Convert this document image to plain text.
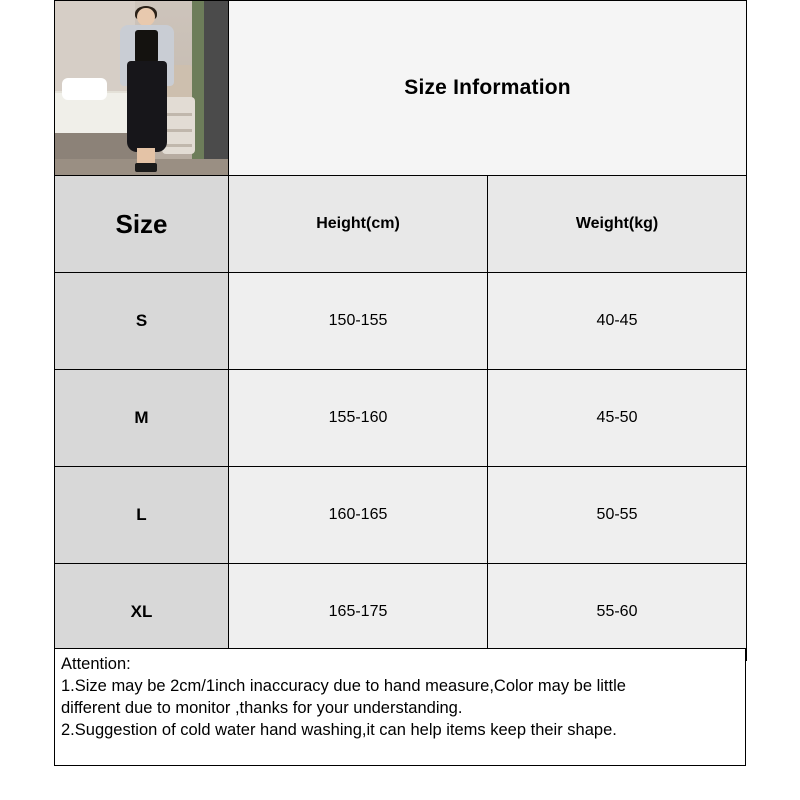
	Size Information	
Size	Height(cm)	Weight(kg)
S	150-155	40-45
M	155-160	45-50
L	160-165	50-55
XL	165-175	55-60

Attention:

1.Size may be 2cm/1inch inaccuracy due to hand measure,Color may be little

different due to monitor ,thanks for your understanding.

2.Suggestion of cold water hand washing,it can help items keep their shape.
